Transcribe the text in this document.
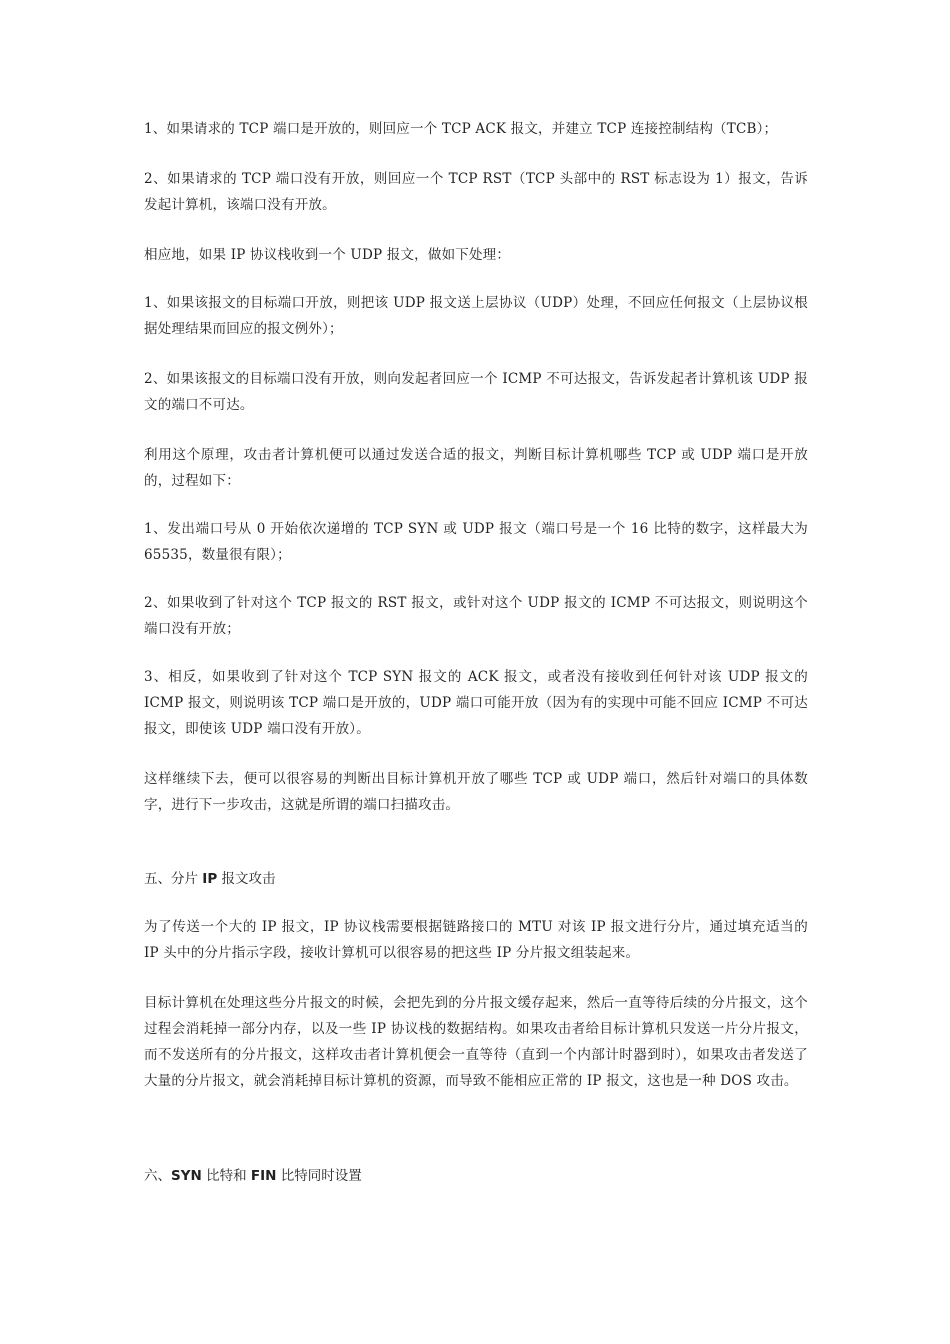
1、如果请求的 TCP 端口是开放的，则回应一个 TCP ACK 报文，并建立 TCP 连接控制结构（TCB）；

2、如果请求的 TCP 端口没有开放，则回应一个 TCP RST（TCP 头部中的 RST 标志设为 1）报文，告诉发起计算机，该端口没有开放。

相应地，如果 IP 协议栈收到一个 UDP 报文，做如下处理：

1、如果该报文的目标端口开放，则把该 UDP 报文送上层协议（UDP）处理，不回应任何报文（上层协议根据处理结果而回应的报文例外）；

2、如果该报文的目标端口没有开放，则向发起者回应一个 ICMP 不可达报文，告诉发起者计算机该 UDP 报文的端口不可达。

利用这个原理，攻击者计算机便可以通过发送合适的报文，判断目标计算机哪些 TCP 或 UDP 端口是开放的，过程如下：

1、发出端口号从 0 开始依次递增的 TCP SYN 或 UDP 报文（端口号是一个 16 比特的数字，这样最大为 65535，数量很有限）；

2、如果收到了针对这个 TCP 报文的 RST 报文，或针对这个 UDP 报文的 ICMP 不可达报文，则说明这个端口没有开放；

3、相反，如果收到了针对这个 TCP SYN 报文的 ACK 报文，或者没有接收到任何针对该 UDP 报文的 ICMP 报文，则说明该 TCP 端口是开放的，UDP 端口可能开放（因为有的实现中可能不回应 ICMP 不可达报文，即使该 UDP 端口没有开放）。

这样继续下去，便可以很容易的判断出目标计算机开放了哪些 TCP 或 UDP 端口，然后针对端口的具体数字，进行下一步攻击，这就是所谓的端口扫描攻击。

五、分片 IP 报文攻击

为了传送一个大的 IP 报文，IP 协议栈需要根据链路接口的 MTU 对该 IP 报文进行分片，通过填充适当的 IP 头中的分片指示字段，接收计算机可以很容易的把这些 IP 分片报文组装起来。

目标计算机在处理这些分片报文的时候，会把先到的分片报文缓存起来，然后一直等待后续的分片报文，这个过程会消耗掉一部分内存，以及一些 IP 协议栈的数据结构。如果攻击者给目标计算机只发送一片分片报文，而不发送所有的分片报文，这样攻击者计算机便会一直等待（直到一个内部计时器到时），如果攻击者发送了大量的分片报文，就会消耗掉目标计算机的资源，而导致不能相应正常的 IP 报文，这也是一种 DOS 攻击。

六、SYN 比特和 FIN 比特同时设置
